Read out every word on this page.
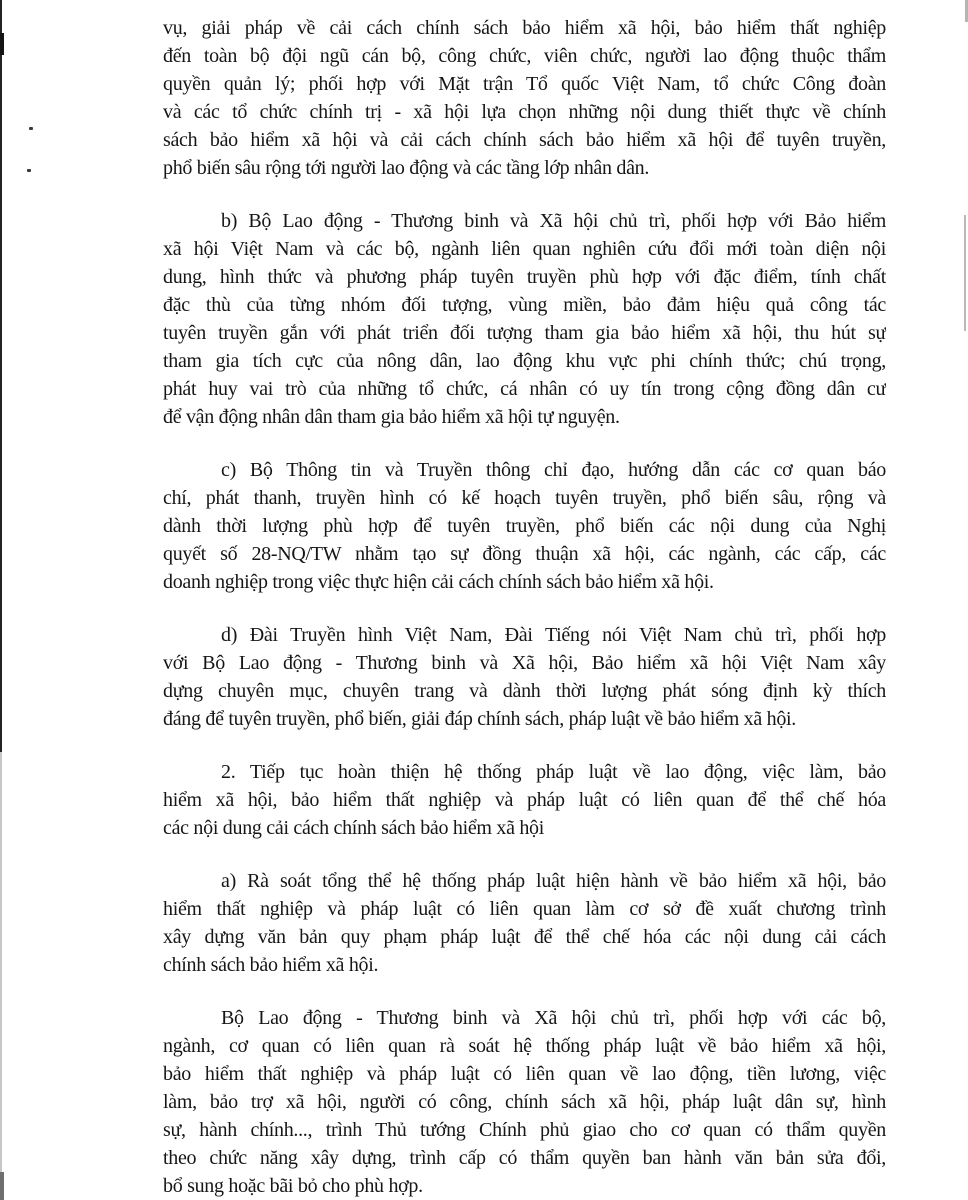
vụ, giải pháp về cải cách chính sách bảo hiểm xã hội, bảo hiểm thất nghiệp
đến toàn bộ đội ngũ cán bộ, công chức, viên chức, người lao động thuộc thẩm
quyền quản lý; phối hợp với Mặt trận Tổ quốc Việt Nam, tổ chức Công đoàn
và các tổ chức chính trị - xã hội lựa chọn những nội dung thiết thực về chính
sách bảo hiểm xã hội và cải cách chính sách bảo hiểm xã hội để tuyên truyền,
phổ biến sâu rộng tới người lao động và các tầng lớp nhân dân.
b) Bộ Lao động - Thương binh và Xã hội chủ trì, phối hợp với Bảo hiểm
xã hội Việt Nam và các bộ, ngành liên quan nghiên cứu đổi mới toàn diện nội
dung, hình thức và phương pháp tuyên truyền phù hợp với đặc điểm, tính chất
đặc thù của từng nhóm đối tượng, vùng miền, bảo đảm hiệu quả công tác
tuyên truyền gắn với phát triển đối tượng tham gia bảo hiểm xã hội, thu hút sự
tham gia tích cực của nông dân, lao động khu vực phi chính thức; chú trọng,
phát huy vai trò của những tổ chức, cá nhân có uy tín trong cộng đồng dân cư
để vận động nhân dân tham gia bảo hiểm xã hội tự nguyện.
c) Bộ Thông tin và Truyền thông chỉ đạo, hướng dẫn các cơ quan báo
chí, phát thanh, truyền hình có kế hoạch tuyên truyền, phổ biến sâu, rộng và
dành thời lượng phù hợp để tuyên truyền, phổ biến các nội dung của Nghị
quyết số 28-NQ/TW nhằm tạo sự đồng thuận xã hội, các ngành, các cấp, các
doanh nghiệp trong việc thực hiện cải cách chính sách bảo hiểm xã hội.
d) Đài Truyền hình Việt Nam, Đài Tiếng nói Việt Nam chủ trì, phối hợp
với Bộ Lao động - Thương binh và Xã hội, Bảo hiểm xã hội Việt Nam xây
dựng chuyên mục, chuyên trang và dành thời lượng phát sóng định kỳ thích
đáng để tuyên truyền, phổ biến, giải đáp chính sách, pháp luật về bảo hiểm xã hội.
2. Tiếp tục hoàn thiện hệ thống pháp luật về lao động, việc làm, bảo
hiểm xã hội, bảo hiểm thất nghiệp và pháp luật có liên quan để thể chế hóa
các nội dung cải cách chính sách bảo hiểm xã hội
a) Rà soát tổng thể hệ thống pháp luật hiện hành về bảo hiểm xã hội, bảo
hiểm thất nghiệp và pháp luật có liên quan làm cơ sở đề xuất chương trình
xây dựng văn bản quy phạm pháp luật để thể chế hóa các nội dung cải cách
chính sách bảo hiểm xã hội.
Bộ Lao động - Thương binh và Xã hội chủ trì, phối hợp với các bộ,
ngành, cơ quan có liên quan rà soát hệ thống pháp luật về bảo hiểm xã hội,
bảo hiểm thất nghiệp và pháp luật có liên quan về lao động, tiền lương, việc
làm, bảo trợ xã hội, người có công, chính sách xã hội, pháp luật dân sự, hình
sự, hành chính..., trình Thủ tướng Chính phủ giao cho cơ quan có thẩm quyền
theo chức năng xây dựng, trình cấp có thẩm quyền ban hành văn bản sửa đổi,
bổ sung hoặc bãi bỏ cho phù hợp.
